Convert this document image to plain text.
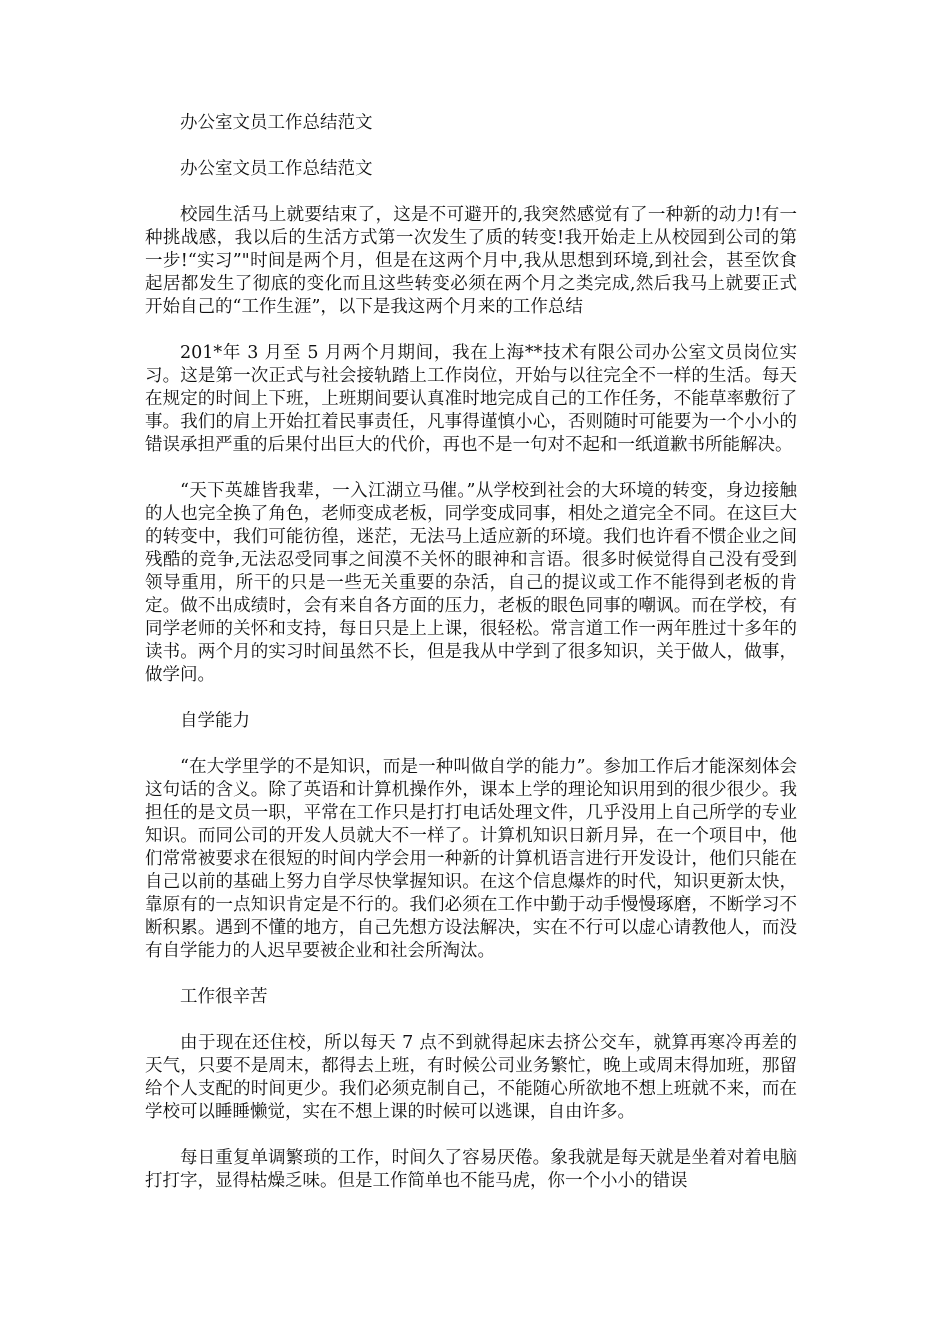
办公室文员工作总结范文

办公室文员工作总结范文

校园生活马上就要结束了，这是不可避开的,我突然感觉有了一种新的动力!有一种挑战感，我以后的生活方式第一次发生了质的转变!我开始走上从校园到公司的第一步!“实习”"时间是两个月，但是在这两个月中,我从思想到环境,到社会，甚至饮食起居都发生了彻底的变化而且这些转变必须在两个月之类完成,然后我马上就要正式开始自己的“工作生涯”，以下是我这两个月来的工作总结

201*年 3 月至 5 月两个月期间，我在上海**技术有限公司办公室文员岗位实习。这是第一次正式与社会接轨踏上工作岗位，开始与以往完全不一样的生活。每天在规定的时间上下班，上班期间要认真准时地完成自己的工作任务，不能草率敷衍了事。我们的肩上开始扛着民事责任，凡事得谨慎小心，否则随时可能要为一个小小的错误承担严重的后果付出巨大的代价，再也不是一句对不起和一纸道歉书所能解决。

“天下英雄皆我辈，一入江湖立马催。”从学校到社会的大环境的转变，身边接触的人也完全换了角色，老师变成老板，同学变成同事，相处之道完全不同。在这巨大的转变中，我们可能彷徨，迷茫，无法马上适应新的环境。我们也许看不惯企业之间残酷的竞争,无法忍受同事之间漠不关怀的眼神和言语。很多时候觉得自己没有受到领导重用，所干的只是一些无关重要的杂活，自己的提议或工作不能得到老板的肯定。做不出成绩时，会有来自各方面的压力，老板的眼色同事的嘲讽。而在学校，有同学老师的关怀和支持，每日只是上上课，很轻松。常言道工作一两年胜过十多年的读书。两个月的实习时间虽然不长，但是我从中学到了很多知识，关于做人，做事，做学问。

自学能力

“在大学里学的不是知识，而是一种叫做自学的能力”。参加工作后才能深刻体会这句话的含义。除了英语和计算机操作外，课本上学的理论知识用到的很少很少。我担任的是文员一职，平常在工作只是打打电话处理文件，几乎没用上自己所学的专业知识。而同公司的开发人员就大不一样了。计算机知识日新月异，在一个项目中，他们常常被要求在很短的时间内学会用一种新的计算机语言进行开发设计，他们只能在自己以前的基础上努力自学尽快掌握知识。在这个信息爆炸的时代，知识更新太快，靠原有的一点知识肯定是不行的。我们必须在工作中勤于动手慢慢琢磨，不断学习不断积累。遇到不懂的地方，自己先想方设法解决，实在不行可以虚心请教他人，而没有自学能力的人迟早要被企业和社会所淘汰。

工作很辛苦

由于现在还住校，所以每天 7 点不到就得起床去挤公交车，就算再寒冷再差的天气，只要不是周末，都得去上班，有时候公司业务繁忙，晚上或周末得加班，那留给个人支配的时间更少。我们必须克制自己，不能随心所欲地不想上班就不来，而在学校可以睡睡懒觉，实在不想上课的时候可以逃课，自由许多。

每日重复单调繁琐的工作，时间久了容易厌倦。象我就是每天就是坐着对着电脑打打字，显得枯燥乏味。但是工作简单也不能马虎，你一个小小的错误
